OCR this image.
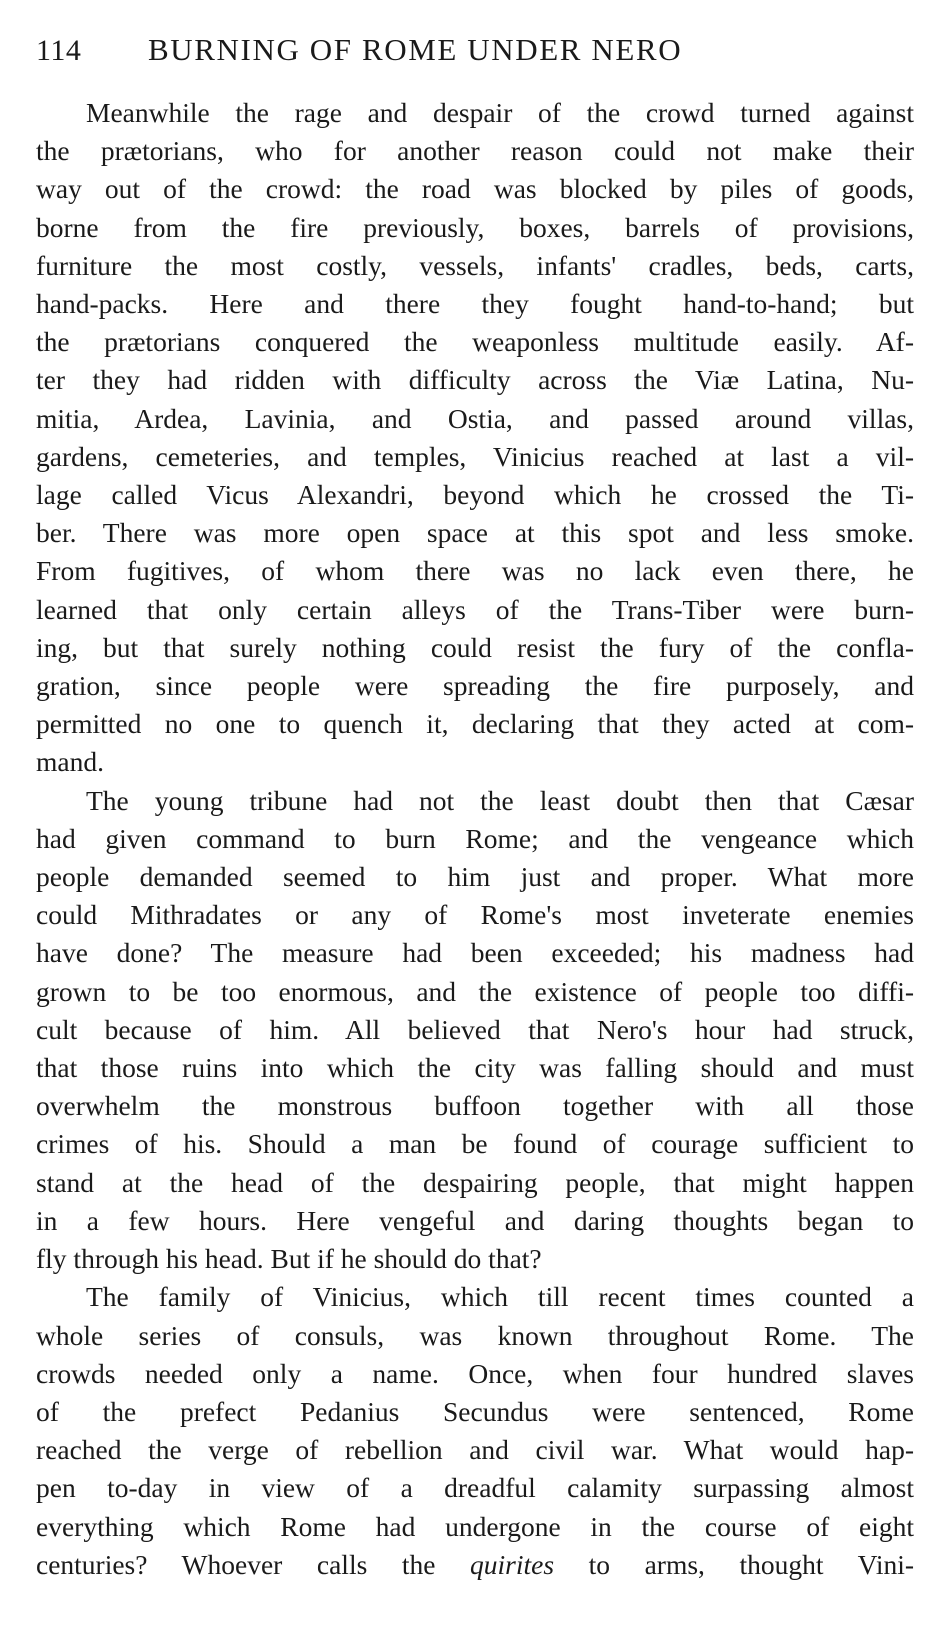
114 BURNING OF ROME UNDER NERO
Meanwhile the rage and despair of the crowd turned against
the prætorians, who for another reason could not make their
way out of the crowd: the road was blocked by piles of goods,
borne from the fire previously, boxes, barrels of provisions,
furniture the most costly, vessels, infants' cradles, beds, carts,
hand-packs. Here and there they fought hand-to-hand; but
the prætorians conquered the weaponless multitude easily. Af-
ter they had ridden with difficulty across the Viæ Latina, Nu-
mitia, Ardea, Lavinia, and Ostia, and passed around villas,
gardens, cemeteries, and temples, Vinicius reached at last a vil-
lage called Vicus Alexandri, beyond which he crossed the Ti-
ber. There was more open space at this spot and less smoke.
From fugitives, of whom there was no lack even there, he
learned that only certain alleys of the Trans-Tiber were burn-
ing, but that surely nothing could resist the fury of the confla-
gration, since people were spreading the fire purposely, and
permitted no one to quench it, declaring that they acted at com-
mand.
The young tribune had not the least doubt then that Cæsar
had given command to burn Rome; and the vengeance which
people demanded seemed to him just and proper. What more
could Mithradates or any of Rome's most inveterate enemies
have done? The measure had been exceeded; his madness had
grown to be too enormous, and the existence of people too diffi-
cult because of him. All believed that Nero's hour had struck,
that those ruins into which the city was falling should and must
overwhelm the monstrous buffoon together with all those
crimes of his. Should a man be found of courage sufficient to
stand at the head of the despairing people, that might happen
in a few hours. Here vengeful and daring thoughts began to
fly through his head. But if he should do that?
The family of Vinicius, which till recent times counted a
whole series of consuls, was known throughout Rome. The
crowds needed only a name. Once, when four hundred slaves
of the prefect Pedanius Secundus were sentenced, Rome
reached the verge of rebellion and civil war. What would hap-
pen to-day in view of a dreadful calamity surpassing almost
everything which Rome had undergone in the course of eight
centuries? Whoever calls the quirites to arms, thought Vini-
